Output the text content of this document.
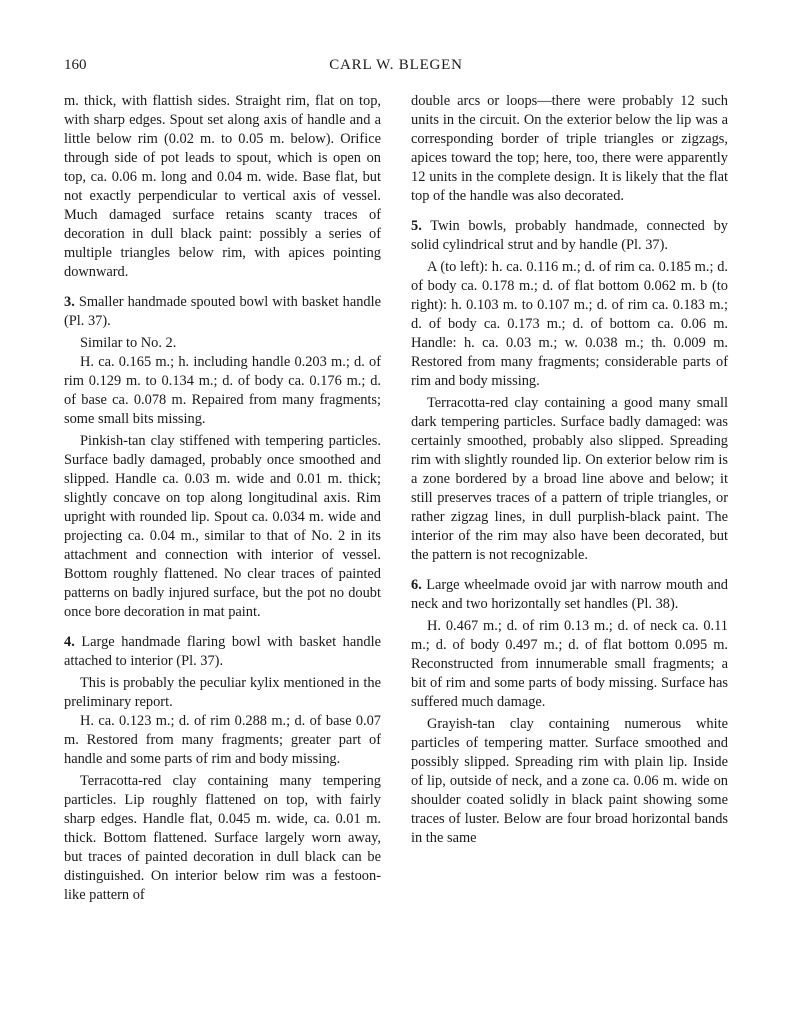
160	CARL W. BLEGEN

m. thick, with flattish sides. Straight rim, flat on top, with sharp edges. Spout set along axis of handle and a little below rim (0.02 m. to 0.05 m. below). Orifice through side of pot leads to spout, which is open on top, ca. 0.06 m. long and 0.04 m. wide. Base flat, but not exactly perpendicular to vertical axis of vessel. Much damaged surface retains scanty traces of decoration in dull black paint: possibly a series of multiple triangles below rim, with apices pointing downward.

3. Smaller handmade spouted bowl with basket handle (Pl. 37).

Similar to No. 2.

H. ca. 0.165 m.; h. including handle 0.203 m.; d. of rim 0.129 m. to 0.134 m.; d. of body ca. 0.176 m.; d. of base ca. 0.078 m. Repaired from many fragments; some small bits missing.

Pinkish-tan clay stiffened with tempering particles. Surface badly damaged, probably once smoothed and slipped. Handle ca. 0.03 m. wide and 0.01 m. thick; slightly concave on top along longitudinal axis. Rim upright with rounded lip. Spout ca. 0.034 m. wide and projecting ca. 0.04 m., similar to that of No. 2 in its attachment and connection with interior of vessel. Bottom roughly flattened. No clear traces of painted patterns on badly injured surface, but the pot no doubt once bore decoration in mat paint.

4. Large handmade flaring bowl with basket handle attached to interior (Pl. 37).

This is probably the peculiar kylix mentioned in the preliminary report.

H. ca. 0.123 m.; d. of rim 0.288 m.; d. of base 0.07 m. Restored from many fragments; greater part of handle and some parts of rim and body missing.

Terracotta-red clay containing many tempering particles. Lip roughly flattened on top, with fairly sharp edges. Handle flat, 0.045 m. wide, ca. 0.01 m. thick. Bottom flattened. Surface largely worn away, but traces of painted decoration in dull black can be distinguished. On interior below rim was a festoon-like pattern of

double arcs or loops—there were probably 12 such units in the circuit. On the exterior below the lip was a corresponding border of triple triangles or zigzags, apices toward the top; here, too, there were apparently 12 units in the complete design. It is likely that the flat top of the handle was also decorated.

5. Twin bowls, probably handmade, connected by solid cylindrical strut and by handle (Pl. 37).

A (to left): h. ca. 0.116 m.; d. of rim ca. 0.185 m.; d. of body ca. 0.178 m.; d. of flat bottom 0.062 m. b (to right): h. 0.103 m. to 0.107 m.; d. of rim ca. 0.183 m.; d. of body ca. 0.173 m.; d. of bottom ca. 0.06 m. Handle: h. ca. 0.03 m.; w. 0.038 m.; th. 0.009 m. Restored from many fragments; considerable parts of rim and body missing.

Terracotta-red clay containing a good many small dark tempering particles. Surface badly damaged: was certainly smoothed, probably also slipped. Spreading rim with slightly rounded lip. On exterior below rim is a zone bordered by a broad line above and below; it still preserves traces of a pattern of triple triangles, or rather zigzag lines, in dull purplish-black paint. The interior of the rim may also have been decorated, but the pattern is not recognizable.

6. Large wheelmade ovoid jar with narrow mouth and neck and two horizontally set handles (Pl. 38).

H. 0.467 m.; d. of rim 0.13 m.; d. of neck ca. 0.11 m.; d. of body 0.497 m.; d. of flat bottom 0.095 m. Reconstructed from innumerable small fragments; a bit of rim and some parts of body missing. Surface has suffered much damage.

Grayish-tan clay containing numerous white particles of tempering matter. Surface smoothed and possibly slipped. Spreading rim with plain lip. Inside of lip, outside of neck, and a zone ca. 0.06 m. wide on shoulder coated solidly in black paint showing some traces of luster. Below are four broad horizontal bands in the same
